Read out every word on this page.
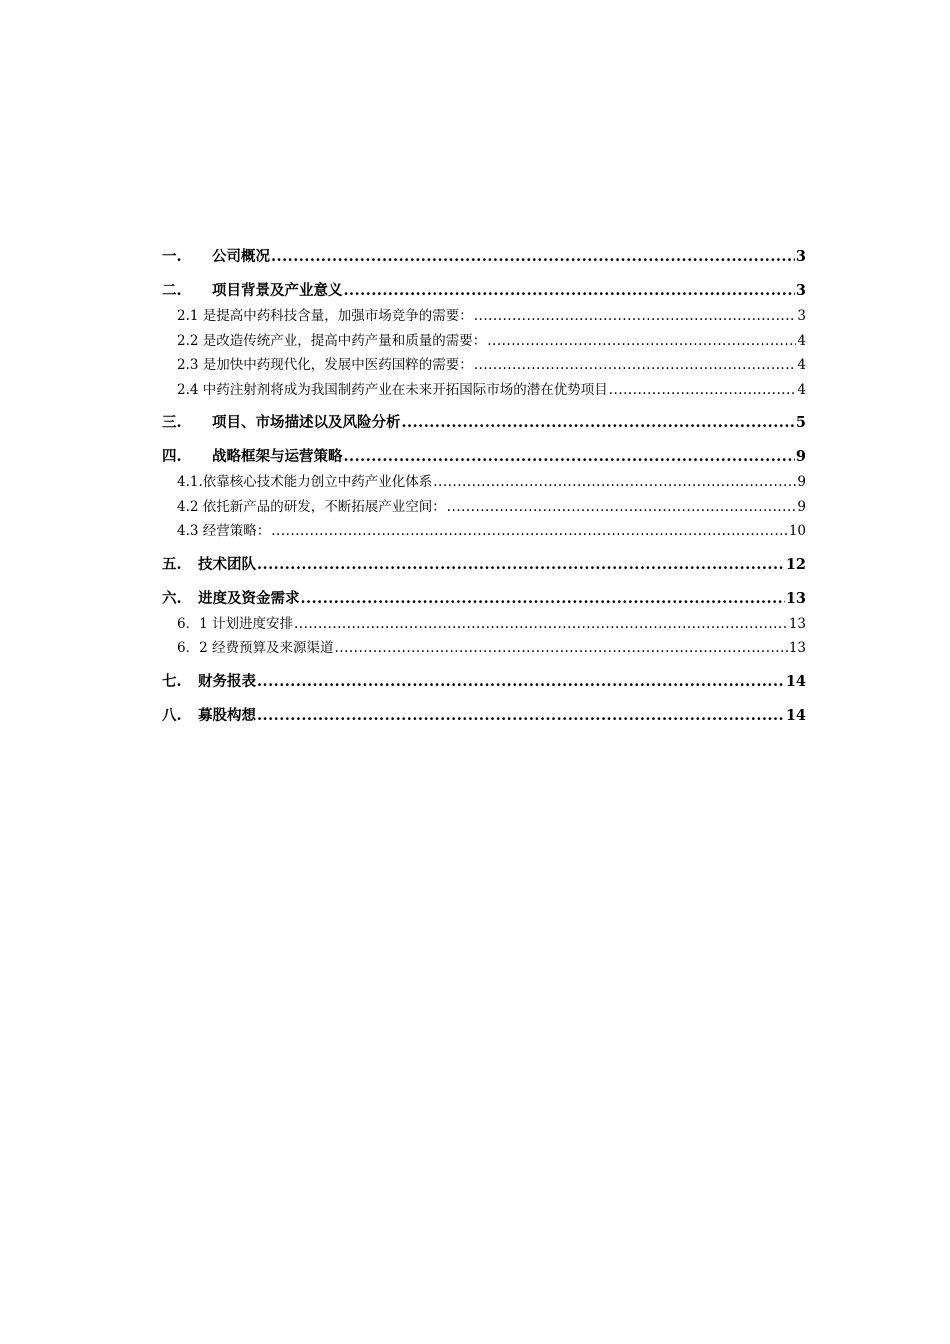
一.	公司概况 .....	3
二.	项目背景及产业意义 .....	3
2.1 是提高中药科技含量，加强市场竞争的需要： .....	3
2.2 是改造传统产业，提高中药产量和质量的需要： .....	4
2.3 是加快中药现代化，发展中医药国粹的需要： .....	4
2.4 中药注射剂将成为我国制药产业在未来开拓国际市场的潜在优势项目 .....	4
三.	项目、市场描述以及风险分析 .....	5
四.	战略框架与运营策略 .....	9
4.1.依靠核心技术能力创立中药产业化体系 .....	9
4.2 依托新产品的研发，不断拓展产业空间： .....	9
4.3 经营策略： .....	10
五.	技术团队 .....	12
六.	进度及资金需求 .....	13
6．1 计划进度安排 .....	13
6．2 经费预算及来源渠道 .....	13
七.	财务报表 .....	14
八.	募股构想 .....	14
